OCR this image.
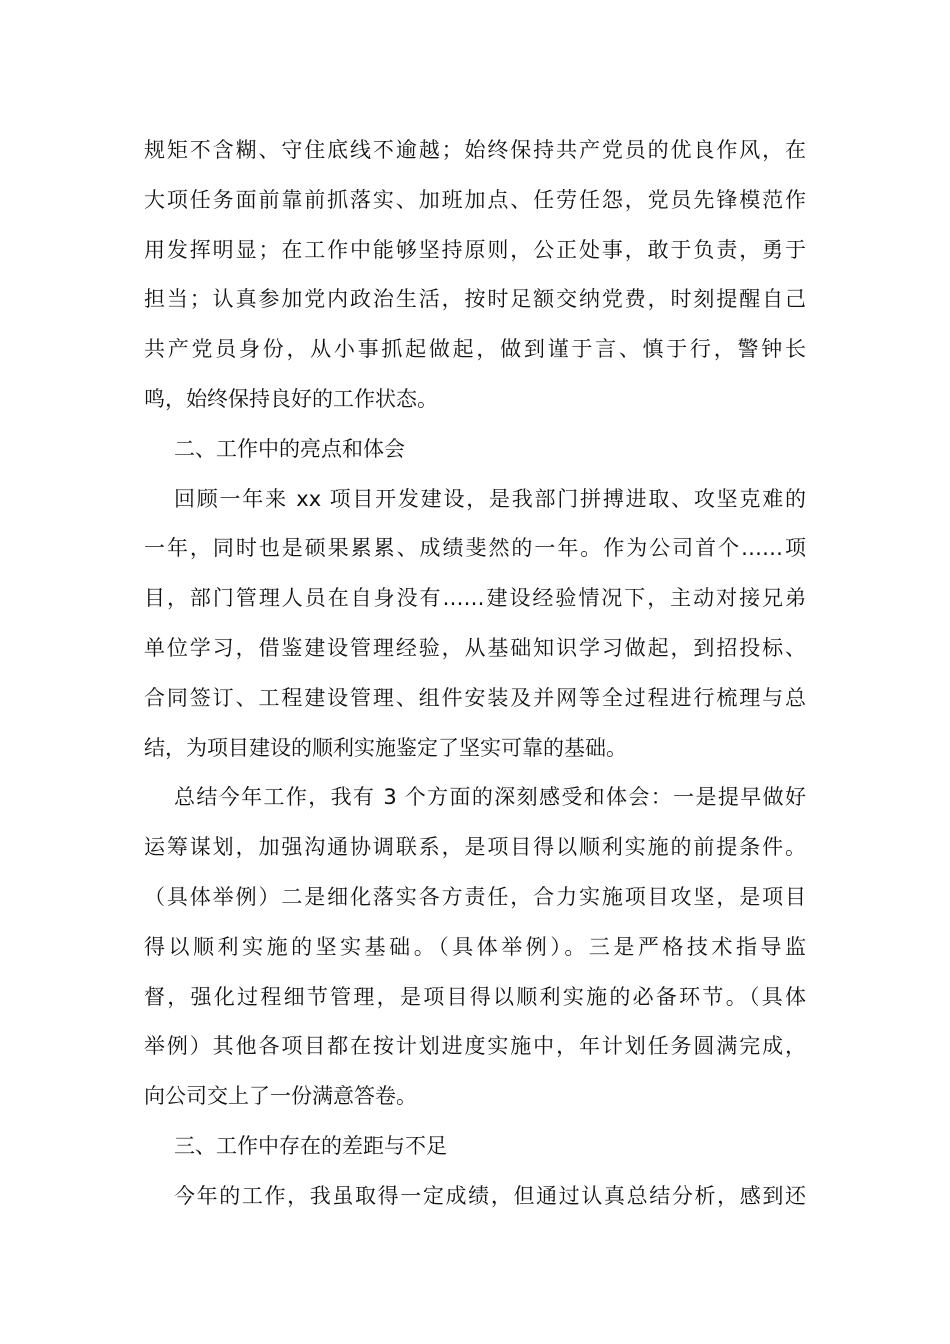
规矩不含糊、守住底线不逾越；始终保持共产党员的优良作风，在
大项任务面前靠前抓落实、加班加点、任劳任怨，党员先锋模范作
用发挥明显；在工作中能够坚持原则，公正处事，敢于负责，勇于
担当；认真参加党内政治生活，按时足额交纳党费，时刻提醒自己
共产党员身份，从小事抓起做起，做到谨于言、慎于行，警钟长
鸣，始终保持良好的工作状态。
二、工作中的亮点和体会
回顾一年来 xx 项目开发建设，是我部门拼搏进取、攻坚克难的
一年，同时也是硕果累累、成绩斐然的一年。作为公司首个……项
目，部门管理人员在自身没有……建设经验情况下，主动对接兄弟
单位学习，借鉴建设管理经验，从基础知识学习做起，到招投标、
合同签订、工程建设管理、组件安装及并网等全过程进行梳理与总
结，为项目建设的顺利实施鉴定了坚实可靠的基础。
总结今年工作，我有 3 个方面的深刻感受和体会：一是提早做好
运筹谋划，加强沟通协调联系，是项目得以顺利实施的前提条件。
（具体举例）二是细化落实各方责任，合力实施项目攻坚，是项目
得以顺利实施的坚实基础。（具体举例）。三是严格技术指导监
督，强化过程细节管理，是项目得以顺利实施的必备环节。（具体
举例）其他各项目都在按计划进度实施中，年计划任务圆满完成，
向公司交上了一份满意答卷。
三、工作中存在的差距与不足
今年的工作，我虽取得一定成绩，但通过认真总结分析，感到还
